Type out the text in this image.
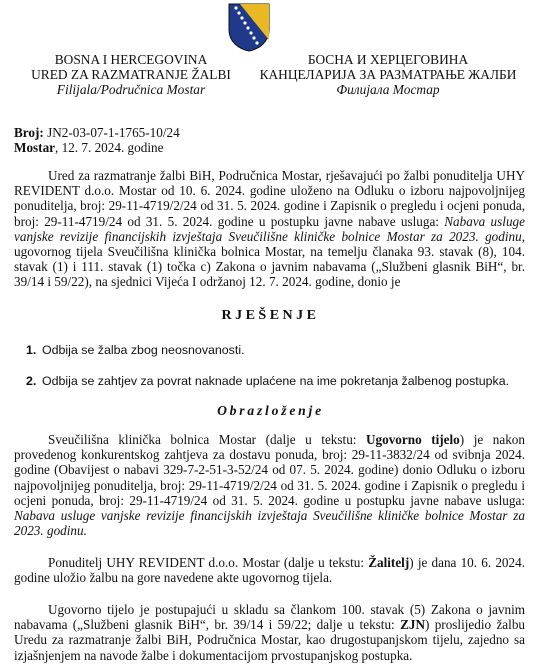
BOSNA I HERCEGOVINA
URED ZA RAZMATRANJE ŽALBI
Filijala/Područnica Mostar
БОСНА И ХЕРЦЕГОВИНА
КАНЦЕЛАРИЈА ЗА РАЗМАТРАЊЕ ЖАЛБИ
Филијала Мостар
Broj: JN2-03-07-1-1765-10/24
Mostar, 12. 7. 2024. godine

Ured za razmatranje žalbi BiH, Područnica Mostar, rješavajući po žalbi ponuditelja UHY REVIDENT d.o.o. Mostar od 10. 6. 2024. godine uloženo na Odluku o izboru najpovoljnijeg ponuditelja, broj: 29-11-4719/2/24 od 31. 5. 2024. godine i Zapisnik o pregledu i ocjeni ponuda, broj: 29-11-4719/24 od 31. 5. 2024. godine u postupku javne nabave usluga: Nabava usluge vanjske revizije financijskih izvještaja Sveučilišne kliničke bolnice Mostar za 2023. godinu, ugovornog tijela Sveučilišna klinička bolnica Mostar, na temelju članaka 93. stavak (8), 104. stavak (1) i 111. stavak (1) točka c) Zakona o javnim nabavama („Službeni glasnik BiH“, br. 39/14 i 59/22), na sjednici Vijeća I održanoj 12. 7. 2024. godine, donio je

RJEŠENJE
1. Odbija se žalba zbog neosnovanosti.
2. Odbija se zahtjev za povrat naknade uplaćene na ime pokretanja žalbenog postupka.
Obrazloženje

Sveučilišna klinička bolnica Mostar (dalje u tekstu: Ugovorno tijelo) je nakon provedenog konkurentskog zahtjeva za dostavu ponuda, broj: 29-11-3832/24 od svibnja 2024. godine (Obavijest o nabavi 329-7-2-51-3-52/24 od 07. 5. 2024. godine) donio Odluku o izboru najpovoljnijeg ponuditelja, broj: 29-11-4719/2/24 od 31. 5. 2024. godine i Zapisnik o pregledu i ocjeni ponuda, broj: 29-11-4719/24 od 31. 5. 2024. godine u postupku javne nabave usluga: Nabava usluge vanjske revizije financijskih izvještaja Sveučilišne kliničke bolnice Mostar za 2023. godinu.

Ponuditelj UHY REVIDENT d.o.o. Mostar (dalje u tekstu: Žalitelj) je dana 10. 6. 2024. godine uložio žalbu na gore navedene akte ugovornog tijela.

Ugovorno tijelo je postupajući u skladu sa člankom 100. stavak (5) Zakona o javnim nabavama („Službeni glasnik BiH“, br. 39/14 i 59/22; dalje u tekstu: ZJN) proslijedio žalbu Uredu za razmatranje žalbi BiH, Područnica Mostar, kao drugostupanjskom tijelu, zajedno sa izjašnjenjem na navode žalbe i dokumentacijom prvostupanjskog postupka.
